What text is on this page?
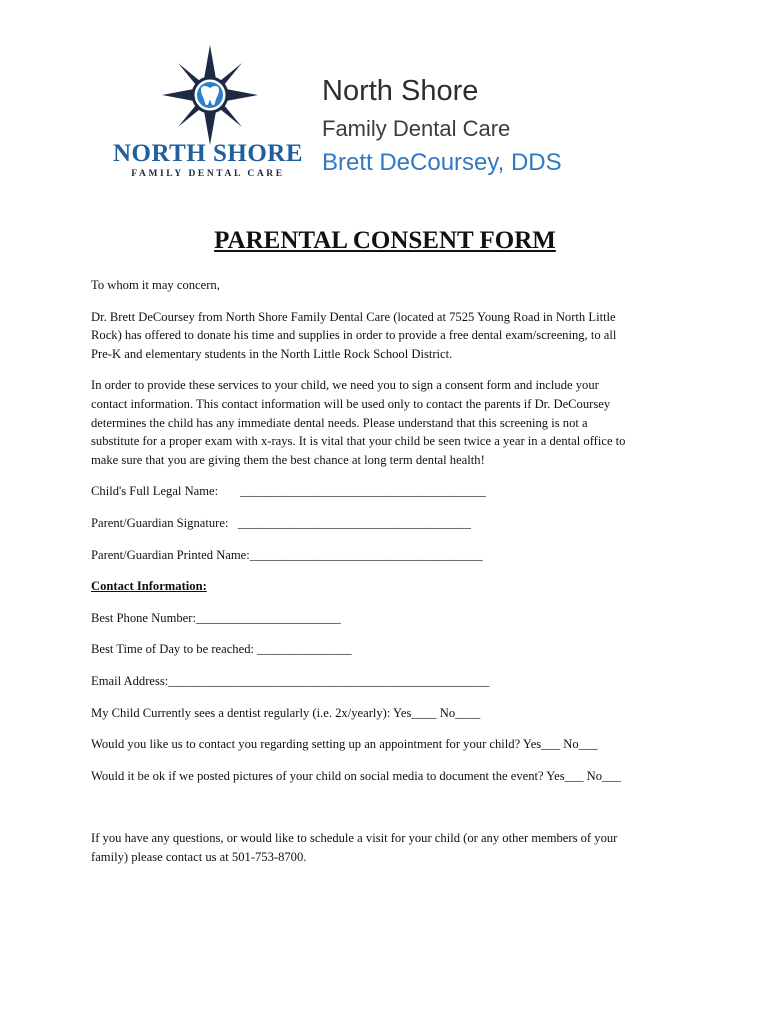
NORTH SHORE
FAMILY DENTAL CARE
North Shore
Family Dental Care
Brett DeCoursey, DDS
PARENTAL CONSENT FORM

To whom it may concern,

Dr. Brett DeCoursey from North Shore Family Dental Care (located at 7525 Young Road in North Little
Rock) has offered to donate his time and supplies in order to provide a free dental exam/screening, to all
Pre-K and elementary students in the North Little Rock School District.

In order to provide these services to your child, we need you to sign a consent form and include your
contact information. This contact information will be used only to contact the parents if Dr. DeCoursey
determines the child has any immediate dental needs. Please understand that this screening is not a
substitute for a proper exam with x-rays. It is vital that your child be seen twice a year in a dental office to
make sure that you are giving them the best chance at long term dental health!

Child's Full Legal Name:       _______________________________________

Parent/Guardian Signature:   _____________________________________

Parent/Guardian Printed Name:_____________________________________

Contact Information:

Best Phone Number:_______________________

Best Time of Day to be reached: _______________

Email Address:___________________________________________________

My Child Currently sees a dentist regularly (i.e. 2x/yearly): Yes____ No____

Would you like us to contact you regarding setting up an appointment for your child? Yes___ No___

Would it be ok if we posted pictures of your child on social media to document the event? Yes___ No___

If you have any questions, or would like to schedule a visit for your child (or any other members of your
family) please contact us at 501-753-8700.
